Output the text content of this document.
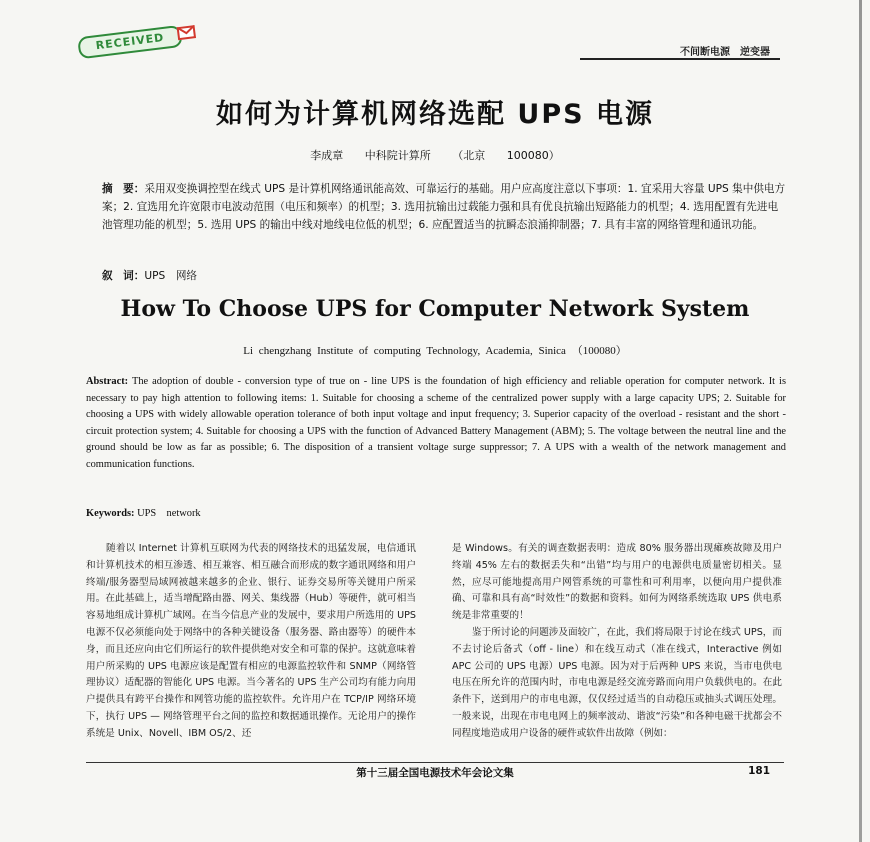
RECEIVED
不间断电源　逆变器
如何为计算机网络选配 UPS 电源
李成章 中科院计算所 （北京 100080）
摘　要：采用双变换调控型在线式 UPS 是计算机网络通讯能高效、可靠运行的基础。用户应高度注意以下事项：1. 宜采用大容量 UPS 集中供电方案；2. 宜选用允许宽限市电波动范围（电压和频率）的机型；3. 选用抗输出过载能力强和具有优良抗输出短路能力的机型；4. 选用配置有先进电池管理功能的机型；5. 选用 UPS 的输出中线对地线电位低的机型；6. 应配置适当的抗瞬态浪涌抑制器；7. 具有丰富的网络管理和通讯功能。
叙　词：UPS　网络
How To Choose UPS for Computer Network System
Li chengzhang Institute of computing Technology, Academia, Sinica （100080）
Abstract: The adoption of double - conversion type of true on - line UPS is the foundation of high efficiency and reliable operation for computer network. It is necessary to pay high attention to following items: 1. Suitable for choosing a scheme of the centralized power supply with a large capacity UPS; 2. Suitable for choosing a UPS with widely allowable operation tolerance of both input voltage and input frequency; 3. Superior capacity of the overload - resistant and the short - circuit protection system; 4. Suitable for choosing a UPS with the function of Advanced Battery Management (ABM); 5. The voltage between the neutral line and the ground should be low as far as possible; 6. The disposition of a transient voltage surge suppressor; 7. A UPS with a wealth of the network management and communication functions.
Keywords: UPS　network

随着以 Internet 计算机互联网为代表的网络技术的迅猛发展，电信通讯和计算机技术的相互渗透、相互兼容、相互融合而形成的数字通讯网络和用户终端/服务器型局域网被越来越多的企业、银行、证券交易所等关键用户所采用。在此基础上，适当增配路由器、网关、集线器（Hub）等硬件，就可相当容易地组成计算机广域网。在当今信息产业的发展中，要求用户所选用的 UPS 电源不仅必须能向处于网络中的各种关键设备（服务器、路由器等）的硬件本身，而且还应向由它们所运行的软件提供绝对安全和可靠的保护。这就意味着用户所采购的 UPS 电源应该是配置有相应的电源监控软件和 SNMP（网络管理协议）适配器的智能化 UPS 电源。当今著名的 UPS 生产公司均有能力向用户提供具有跨平台操作和网管功能的监控软件。允许用户在 TCP/IP 网络环境下，执行 UPS — 网络管理平台之间的监控和数据通讯操作。无论用户的操作系统是 Unix、Novell、IBM OS/2、还

是 Windows。有关的调查数据表明：造成 80% 服务器出现瘫痪故障及用户终端 45% 左右的数据丢失和“出错”均与用户的电源供电质量密切相关。显然，应尽可能地提高用户网管系统的可靠性和可利用率，以便向用户提供准确、可靠和具有高“时效性”的数据和资料。如何为网络系统选取 UPS 供电系统是非常重要的！

鉴于所讨论的问题涉及面较广，在此，我们将局限于讨论在线式 UPS，而不去讨论后备式（off - line）和在线互动式（准在线式，Interactive 例如 APC 公司的 UPS 电源）UPS 电源。因为对于后两种 UPS 来说，当市电供电电压在所允许的范围内时，市电电源是经交流旁路而向用户负载供电的。在此条件下，送到用户的市电电源，仅仅经过适当的自动稳压或抽头式调压处理。一般来说，出现在市电电网上的频率波动、谐波“污染”和各种电磁干扰都会不同程度地造成用户设备的硬件或软件出故障（例如：

第十三届全国电源技术年会论文集	181
